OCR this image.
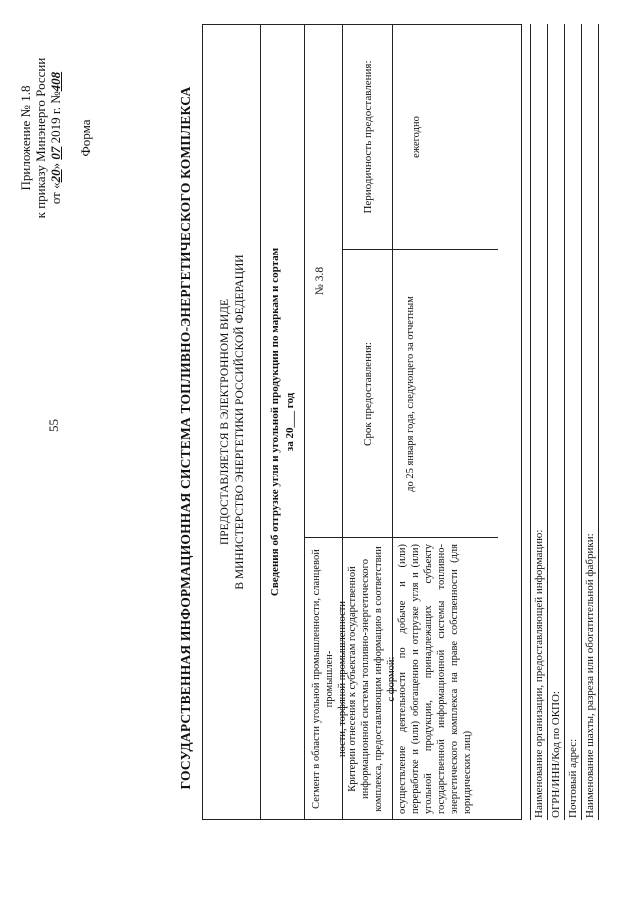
55	ГОСУДАРСТВЕННАЯ ИНФОРМАЦИОННАЯ СИСТЕМА ТОПЛИВНО-ЭНЕРГЕТИЧЕСКОГО КОМПЛЕКСА
Приложение № 1.8 к приказу Минэнерго России от «20» 07 2019 г. №408
Форма
ПРЕДОСТАВЛЯЕТСЯ В ЭЛЕКТРОННОМ ВИДЕ В МИНИСТЕРСТВО ЭНЕРГЕТИКИ РОССИЙСКОЙ ФЕДЕРАЦИИ Сведения об отгрузке угля и угольной продукции по маркам и сортам за 20___ год
Сегмент в области угольной промышленности, сланцевой промышлен- ности, торфяной промышленности
№ 3.8
Критерии отнесения к субъектам государственной информационной системы топливно-энергетического комплекса, предоставляющим информацию в соответствии с формой:
Срок предоставления:
Периодичность предоставления:
осуществление деятельности по добыче и (или) переработке и (или) обогащению и отгрузке угля и (или) угольной продукции, принадлежащих субъекту государственной информационной системы топливно-энергетического комплекса на праве собственности (для юридических лиц)
до 25 января года, следующего за отчетным
ежегодно
Наименование организации, предоставляющей информацию: ОГРН/ИНН/Код по ОКПО: Почтовый адрес: Наименование шахты, разреза или обогатительной фабрики:
